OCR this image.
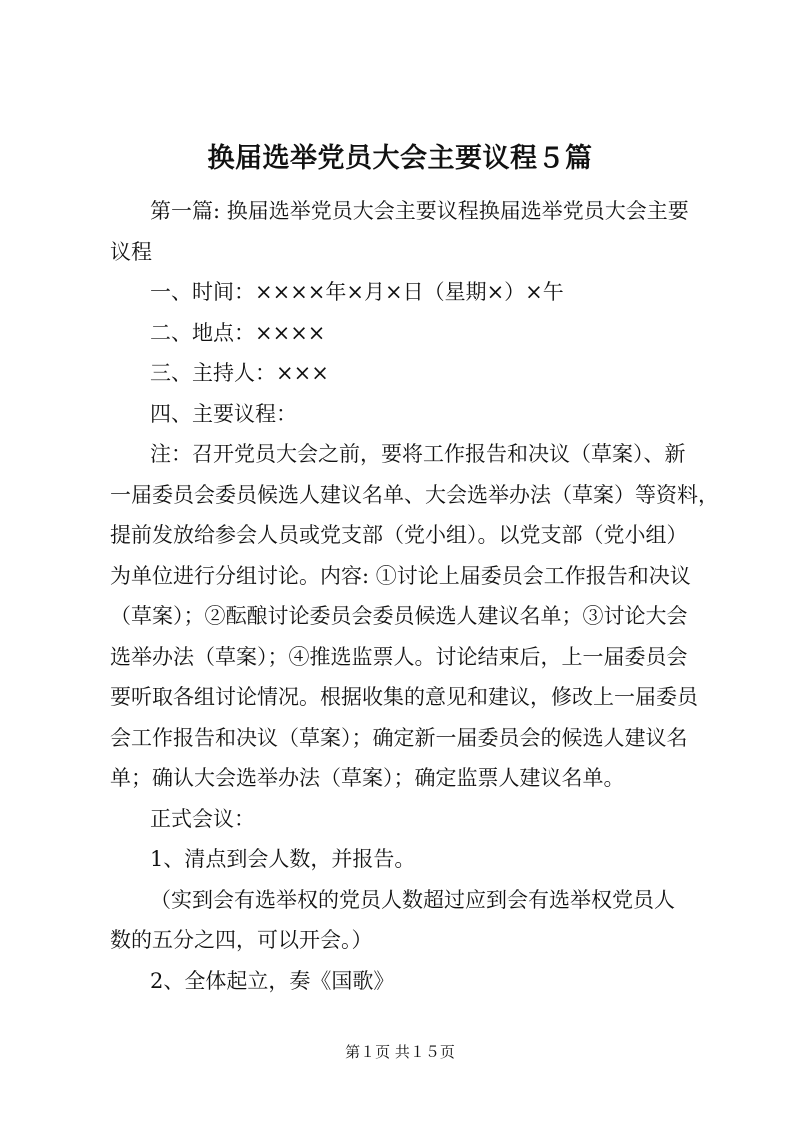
换届选举党员大会主要议程５篇

第一篇: 换届选举党员大会主要议程换届选举党员大会主要

议程

一、时间：××××年×月×日（星期×）×午

二、地点：××××

三、主持人：×××

四、主要议程：

注：召开党员大会之前，要将工作报告和决议（草案）、新

一届委员会委员候选人建议名单、大会选举办法（草案）等资料，

提前发放给参会人员或党支部（党小组）。以党支部（党小组）

为单位进行分组讨论。内容: ①讨论上届委员会工作报告和决议

（草案）；②酝酿讨论委员会委员候选人建议名单；③讨论大会

选举办法（草案）；④推选监票人。讨论结束后，上一届委员会

要听取各组讨论情况。根据收集的意见和建议，修改上一届委员

会工作报告和决议（草案）；确定新一届委员会的候选人建议名

单；确认大会选举办法（草案）；确定监票人建议名单。

正式会议：

1、清点到会人数，并报告。

（实到会有选举权的党员人数超过应到会有选举权党员人

数的五分之四，可以开会。）

2、全体起立，奏《国歌》

第１页 共１５页
